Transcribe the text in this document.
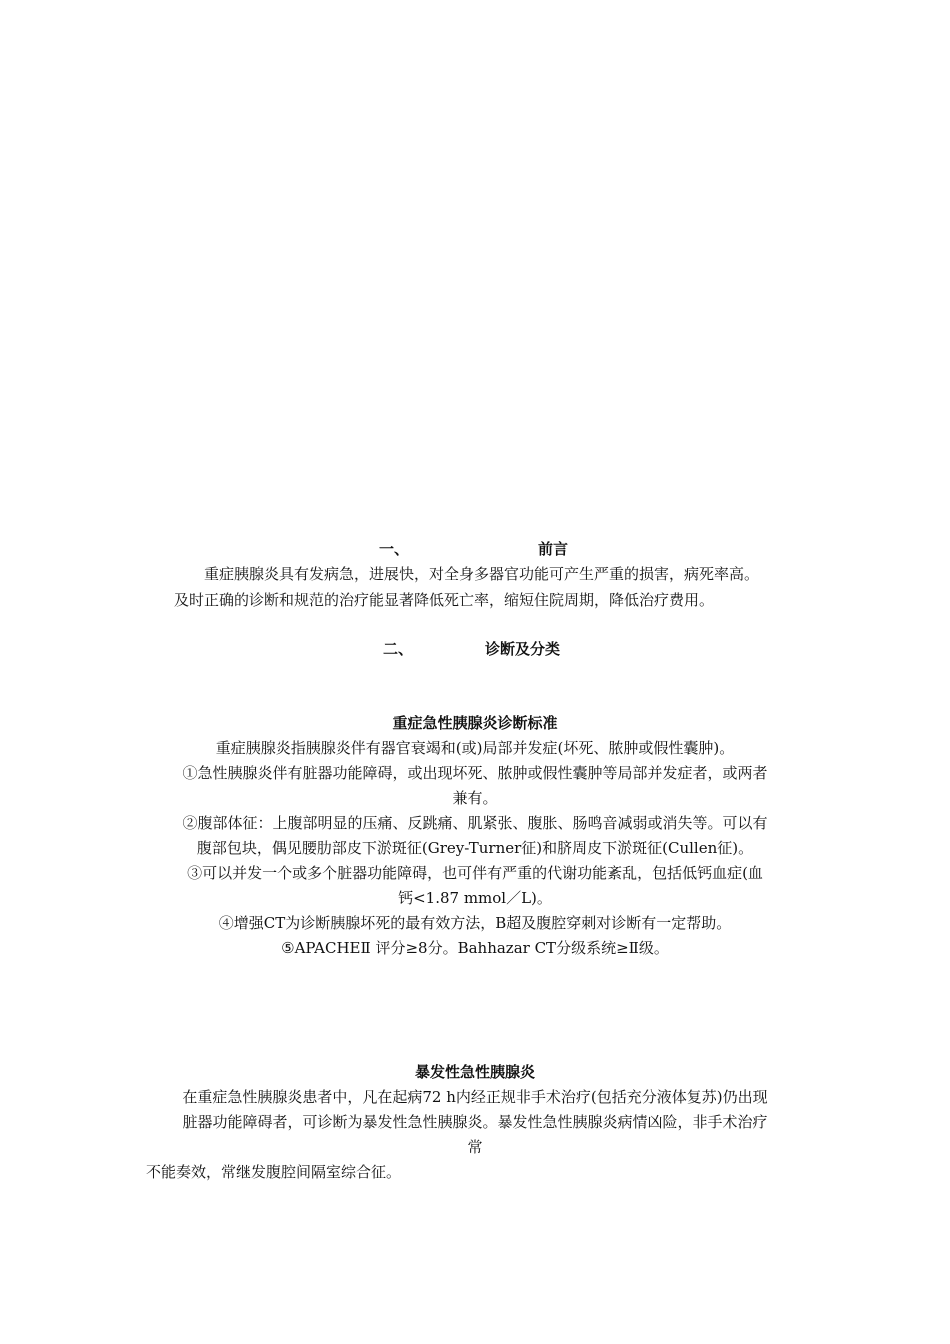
一、	前言
重症胰腺炎具有发病急，进展快，对全身多器官功能可产生严重的损害，病死率高。
及时正确的诊断和规范的治疗能显著降低死亡率，缩短住院周期，降低治疗费用。
二、	诊断及分类
重症急性胰腺炎诊断标准
重症胰腺炎指胰腺炎伴有器官衰竭和(或)局部并发症(坏死、脓肿或假性囊肿)。
①急性胰腺炎伴有脏器功能障碍，或出现坏死、脓肿或假性囊肿等局部并发症者，或两者
兼有。
②腹部体征：上腹部明显的压痛、反跳痛、肌紧张、腹胀、肠鸣音减弱或消失等。可以有
腹部包块，偶见腰肋部皮下淤斑征(Grey-Turner征)和脐周皮下淤斑征(Cullen征)。
③可以并发一个或多个脏器功能障碍，也可伴有严重的代谢功能紊乱，包括低钙血症(血
钙<1.87 mmol／L)。
④增强CT为诊断胰腺坏死的最有效方法，B超及腹腔穿刺对诊断有一定帮助。
⑤APACHEⅡ 评分≥8分。Bahhazar CT分级系统≥Ⅱ级。
暴发性急性胰腺炎
在重症急性胰腺炎患者中，凡在起病72 h内经正规非手术治疗(包括充分液体复苏)仍出现
脏器功能障碍者，可诊断为暴发性急性胰腺炎。暴发性急性胰腺炎病情凶险，非手术治疗
常
不能奏效，常继发腹腔间隔室综合征。
